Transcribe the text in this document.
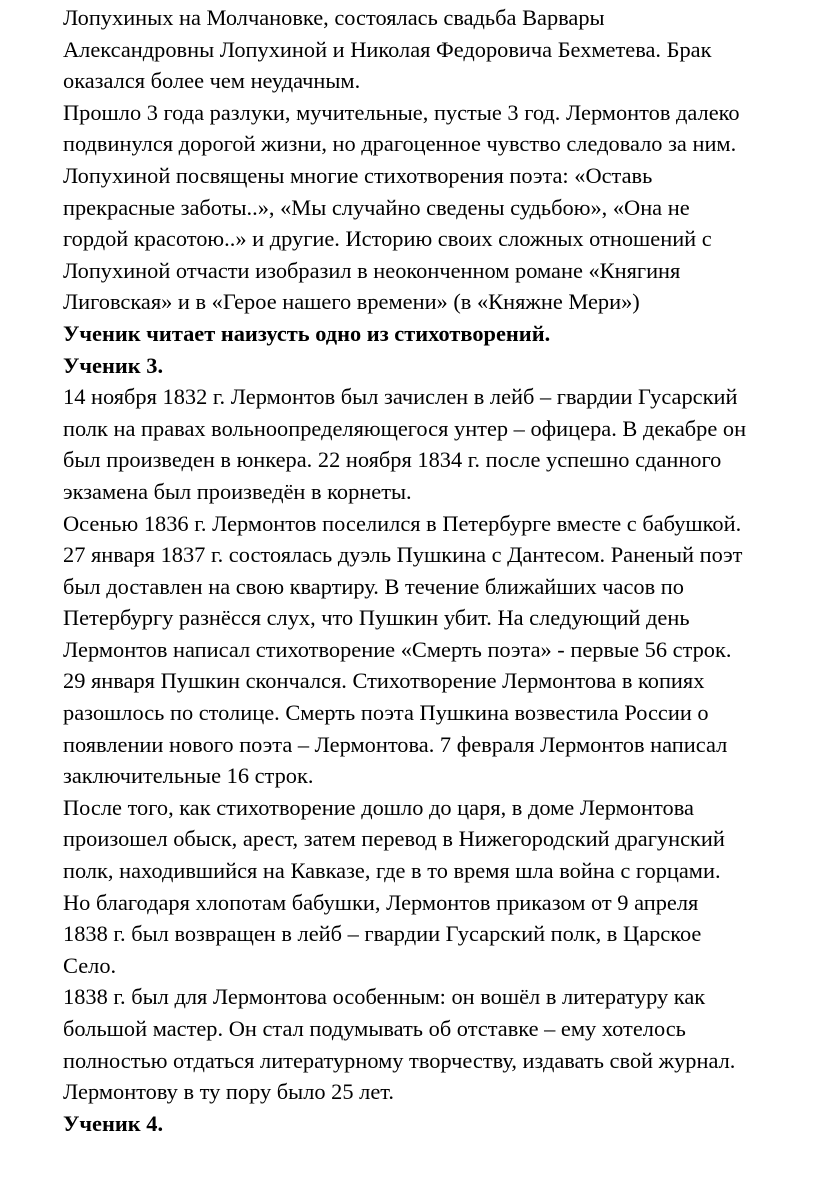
Лопухиных на Молчановке, состоялась свадьба Варвары
Александровны Лопухиной и Николая Федоровича Бехметева. Брак
оказался более чем неудачным.
Прошло 3 года разлуки, мучительные, пустые 3 год. Лермонтов далеко
подвинулся дорогой жизни, но драгоценное чувство следовало за ним.
Лопухиной посвящены многие стихотворения поэта: «Оставь
прекрасные заботы..», «Мы случайно сведены судьбою», «Она не
гордой красотою..» и другие. Историю своих сложных отношений с
Лопухиной отчасти изобразил в неоконченном романе «Княгиня
Лиговская» и в «Герое нашего времени» (в «Княжне Мери»)
Ученик читает наизусть одно из стихотворений.
Ученик 3.
14 ноября 1832 г. Лермонтов был зачислен в лейб – гвардии Гусарский
полк на правах вольноопределяющегося унтер – офицера. В декабре он
был произведен в юнкера. 22 ноября 1834 г. после успешно сданного
экзамена был произведён в корнеты.
Осенью 1836 г. Лермонтов поселился в Петербурге вместе с бабушкой.
27 января 1837 г. состоялась дуэль Пушкина с Дантесом. Раненый поэт
был доставлен на свою квартиру. В течение ближайших часов по
Петербургу разнёсся слух, что Пушкин убит. На следующий день
Лермонтов написал стихотворение «Смерть поэта» - первые 56 строк.
29 января Пушкин скончался. Стихотворение Лермонтова в копиях
разошлось по столице. Смерть поэта Пушкина возвестила России о
появлении нового поэта – Лермонтова. 7 февраля Лермонтов написал
заключительные 16 строк.
После того, как стихотворение дошло до царя, в доме Лермонтова
произошел обыск, арест, затем перевод в Нижегородский драгунский
полк, находившийся на Кавказе, где в то время шла война с горцами.
Но благодаря хлопотам бабушки, Лермонтов приказом от 9 апреля
1838 г. был возвращен в лейб – гвардии Гусарский полк, в Царское
Село.
1838 г. был для Лермонтова особенным: он вошёл в литературу как
большой мастер. Он стал подумывать об отставке – ему хотелось
полностью отдаться литературному творчеству, издавать свой журнал.
Лермонтову в ту пору было 25 лет.
Ученик 4.
